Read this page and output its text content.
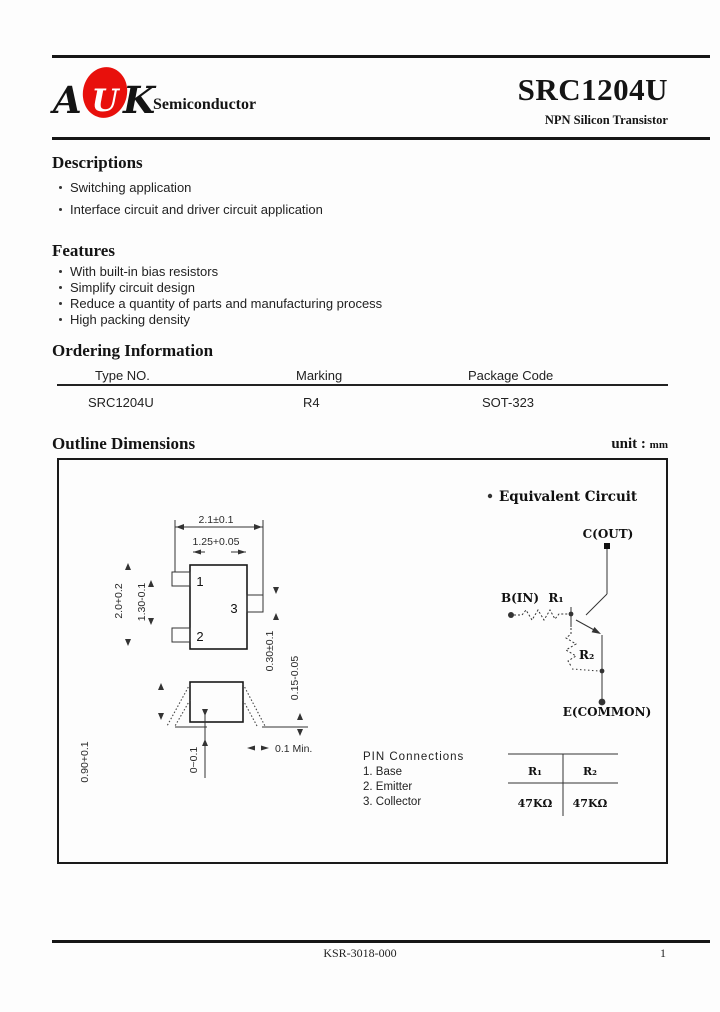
A U K
Semiconductor	SRC1204U
NPN Silicon Transistor
Descriptions
Switching application
Interface circuit and driver circuit application
Features
With built-in bias resistors
Simplify circuit design
Reduce a quantity of parts and manufacturing process
High packing density
Ordering Information
Type NO.	Marking	Package Code
SRC1204U	R4	SOT-323
Outline Dimensions	unit : mm
2.1±0.1
1.25+0.05
1
2
3
2.0+0.2 1.30-0.1
0.30±0.1
0.15-0.05
0.90+0.1	0~0.1	0.1 Min.
Equivalent Circuit
C(OUT)
B(IN) R₁
E(COMMON)
R₂
PIN Connections
1. Base
2. Emitter
3. Collector
R₁	R₂
47KΩ 47KΩ
KSR-3018-000	1
